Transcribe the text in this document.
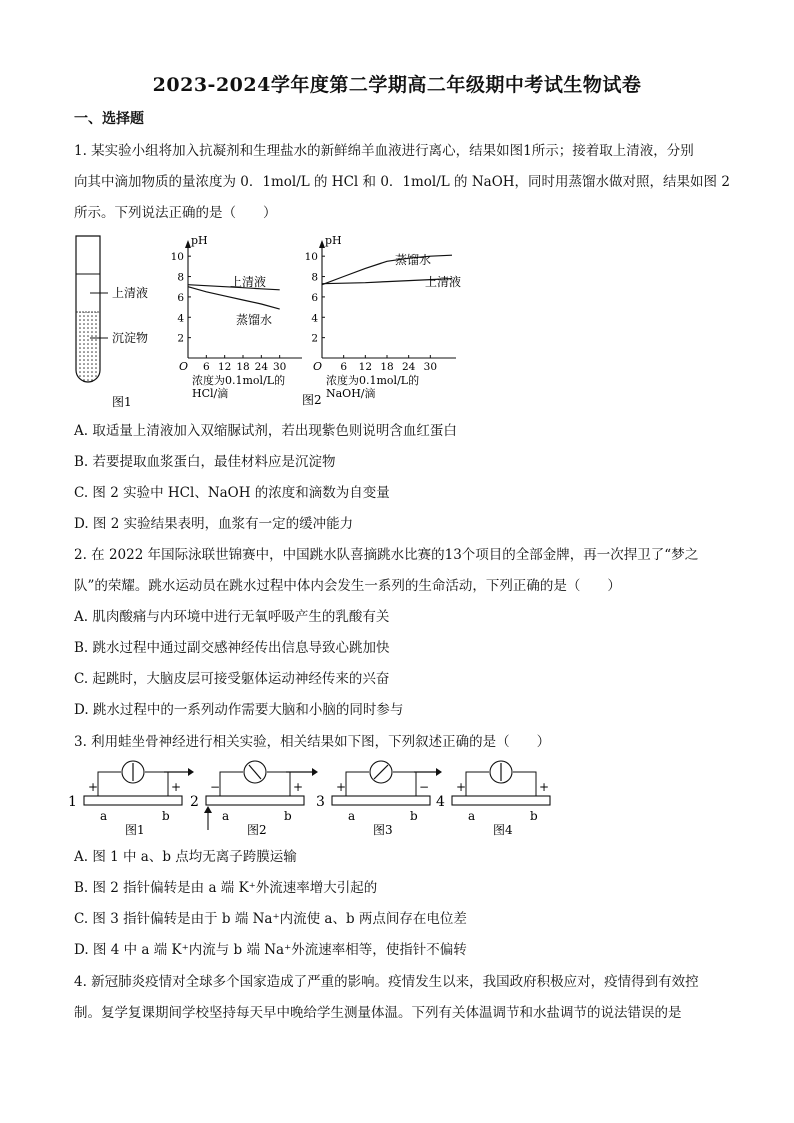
2023-2024学年度第二学期高二年级期中考试生物试卷
一、选择题
1. 某实验小组将加入抗凝剂和生理盐水的新鲜绵羊血液进行离心，结果如图1所示；接着取上清液，分别
向其中滴加物质的量浓度为 0．1mol/L 的 HCl 和 0．1mol/L 的 NaOH，同时用蒸馏水做对照，结果如图 2
所示。下列说法正确的是（　　）
上清液
沉淀物
图1
pH
O
2
4
6
8
10
6 12 18 24 30
浓度为0.1mol/L的
HCl/滴
上清液
蒸馏水
pH
O
2
4
6
8
10
6 12 18 24 30
浓度为0.1mol/L的
NaOH/滴
蒸馏水
上清液
图2
A. 取适量上清液加入双缩脲试剂，若出现紫色则说明含血红蛋白
B. 若要提取血浆蛋白，最佳材料应是沉淀物
C. 图 2 实验中 HCl、NaOH 的浓度和滴数为自变量
D. 图 2 实验结果表明，血浆有一定的缓冲能力
2. 在 2022 年国际泳联世锦赛中，中国跳水队喜摘跳水比赛的13个项目的全部金牌，再一次捍卫了“梦之
队”的荣耀。跳水运动员在跳水过程中体内会发生一系列的生命活动，下列正确的是（　　）
A. 肌肉酸痛与内环境中进行无氧呼吸产生的乳酸有关
B. 跳水过程中通过副交感神经传出信息导致心跳加快
C. 起跳时，大脑皮层可接受躯体运动神经传来的兴奋
D. 跳水过程中的一系列动作需要大脑和小脑的同时参与
3. 利用蛙坐骨神经进行相关实验，相关结果如下图，下列叙述正确的是（　　）
1
+	+
a	b
图1
2
−	+
a	b
图2
3
+	−
a	b
图3
4
+	+
a	b
图4
A. 图 1 中 a、b 点均无离子跨膜运输
B. 图 2 指针偏转是由 a 端 K⁺外流速率增大引起的
C. 图 3 指针偏转是由于 b 端 Na⁺内流使 a、b 两点间存在电位差
D. 图 4 中 a 端 K⁺内流与 b 端 Na⁺外流速率相等，使指针不偏转
4. 新冠肺炎疫情对全球多个国家造成了严重的影响。疫情发生以来，我国政府积极应对，疫情得到有效控
制。复学复课期间学校坚持每天早中晚给学生测量体温。下列有关体温调节和水盐调节的说法错误的是
